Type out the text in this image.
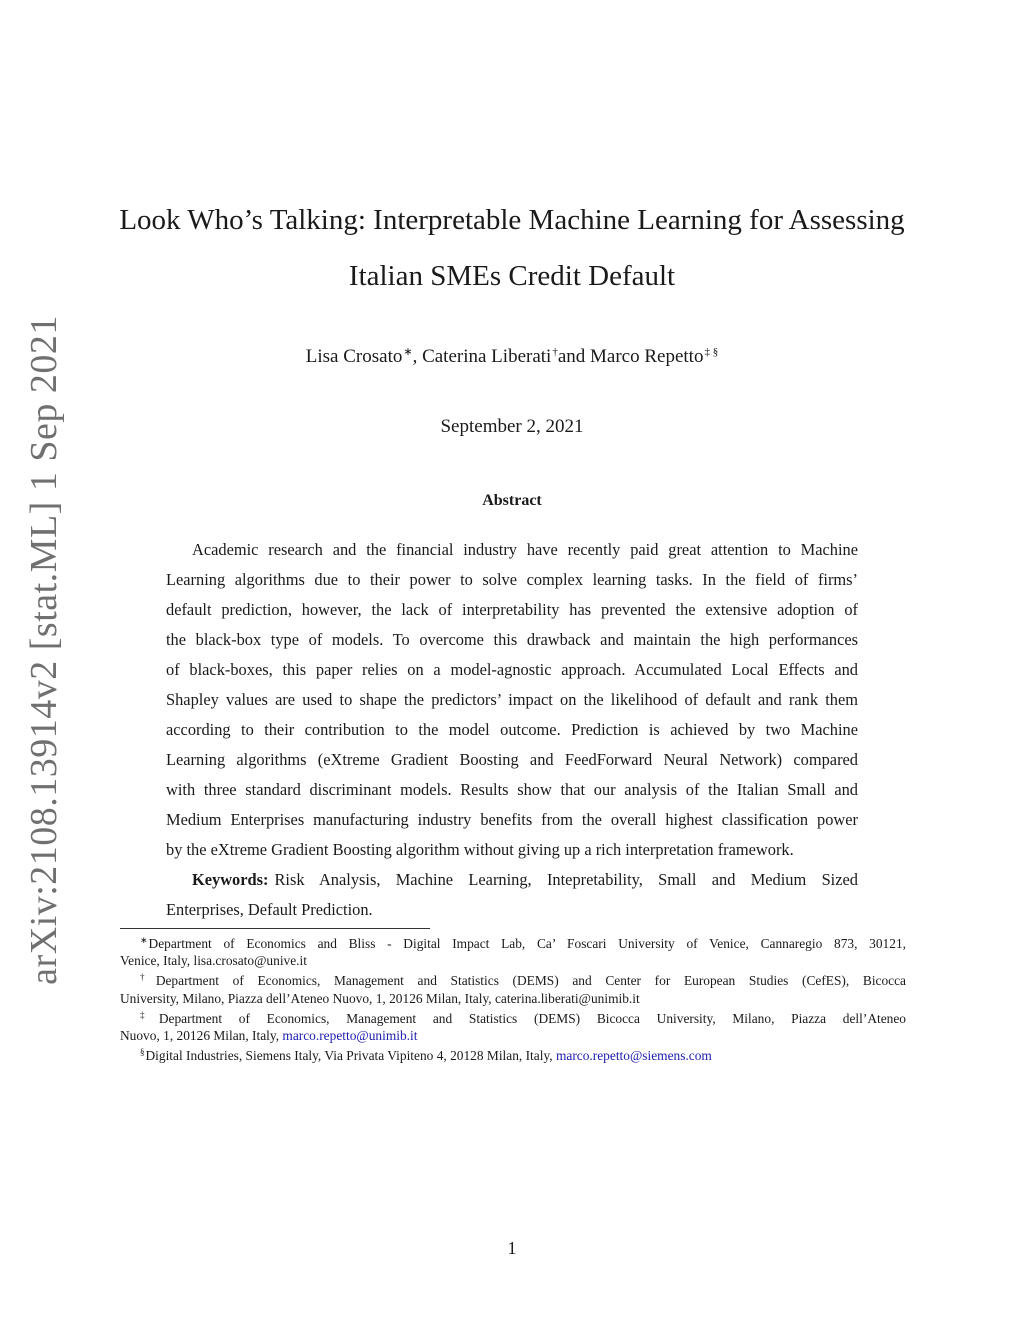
arXiv:2108.13914v2 [stat.ML] 1 Sep 2021
Look Who’s Talking: Interpretable Machine Learning for Assessing
Italian SMEs Credit Default
Lisa Crosato∗, Caterina Liberati†and Marco Repetto‡ §
September 2, 2021
Abstract
Academic research and the financial industry have recently paid great attention to Machine
Learning algorithms due to their power to solve complex learning tasks. In the field of firms’
default prediction, however, the lack of interpretability has prevented the extensive adoption of
the black-box type of models. To overcome this drawback and maintain the high performances
of black-boxes, this paper relies on a model-agnostic approach. Accumulated Local Effects and
Shapley values are used to shape the predictors’ impact on the likelihood of default and rank them
according to their contribution to the model outcome. Prediction is achieved by two Machine
Learning algorithms (eXtreme Gradient Boosting and FeedForward Neural Network) compared
with three standard discriminant models. Results show that our analysis of the Italian Small and
Medium Enterprises manufacturing industry benefits from the overall highest classification power
by the eXtreme Gradient Boosting algorithm without giving up a rich interpretation framework.
Keywords: Risk Analysis, Machine Learning, Intepretability, Small and Medium Sized
Enterprises, Default Prediction.
∗Department of Economics and Bliss - Digital Impact Lab, Ca’ Foscari University of Venice, Cannaregio 873, 30121,
Venice, Italy, lisa.crosato@unive.it
†Department of Economics, Management and Statistics (DEMS) and Center for European Studies (CefES), Bicocca
University, Milano, Piazza dell’Ateneo Nuovo, 1, 20126 Milan, Italy, caterina.liberati@unimib.it
‡Department of Economics, Management and Statistics (DEMS) Bicocca University, Milano, Piazza dell’Ateneo
Nuovo, 1, 20126 Milan, Italy, marco.repetto@unimib.it
§Digital Industries, Siemens Italy, Via Privata Vipiteno 4, 20128 Milan, Italy, marco.repetto@siemens.com
1
